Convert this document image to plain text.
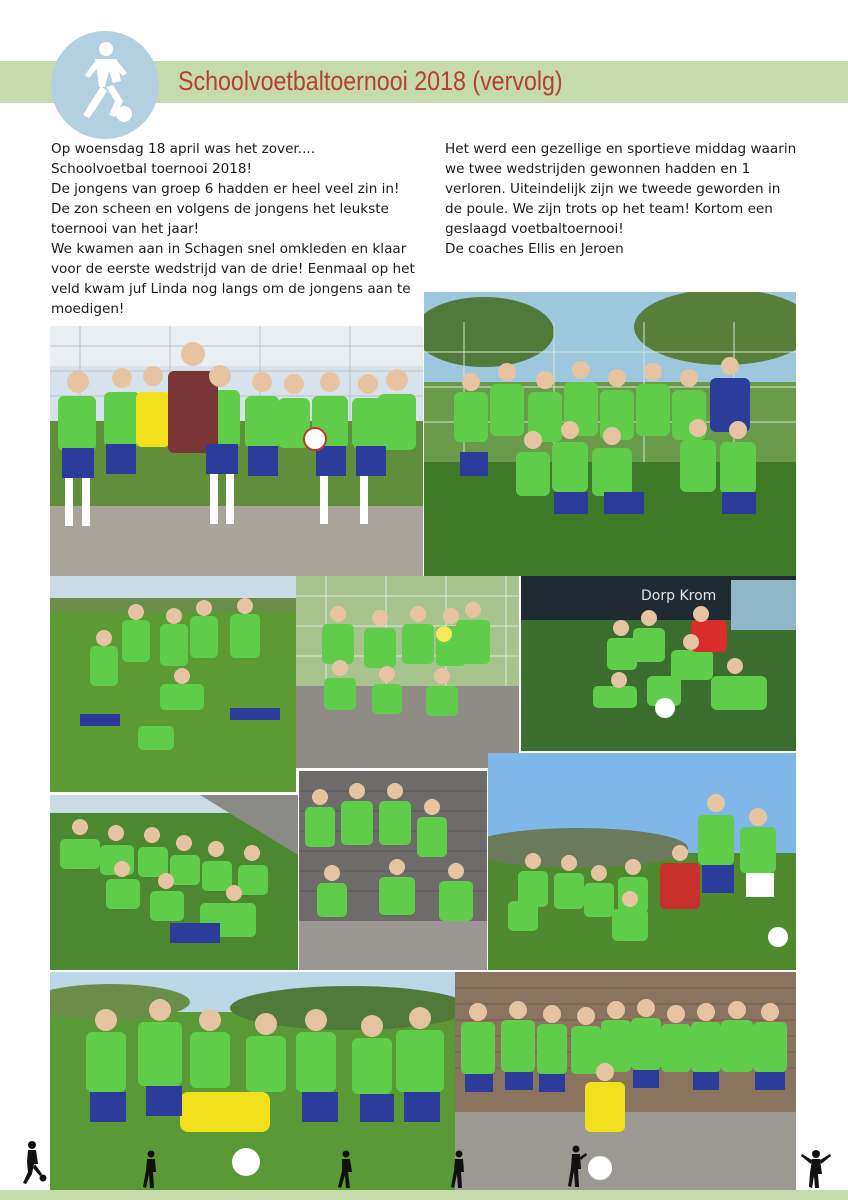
Schoolvoetbaltoernooi 2018 (vervolg)

Op woensdag 18 april was het zover....

Schoolvoetbal toernooi 2018!

De jongens van groep 6 hadden er heel veel zin in!

De zon scheen en volgens de jongens het leukste

toernooi van het jaar!

We kwamen aan in Schagen snel omkleden en klaar

voor de eerste wedstrijd van de drie! Eenmaal op het

veld kwam juf Linda nog langs om de jongens aan te

moedigen!

Het werd een gezellige en sportieve middag waarin

we twee wedstrijden gewonnen hadden en 1

verloren. Uiteindelijk zijn we tweede geworden in

de poule. We zijn trots op het team! Kortom een

geslaagd voetbaltoernooi!

De coaches Ellis en Jeroen

Dorp Krom
